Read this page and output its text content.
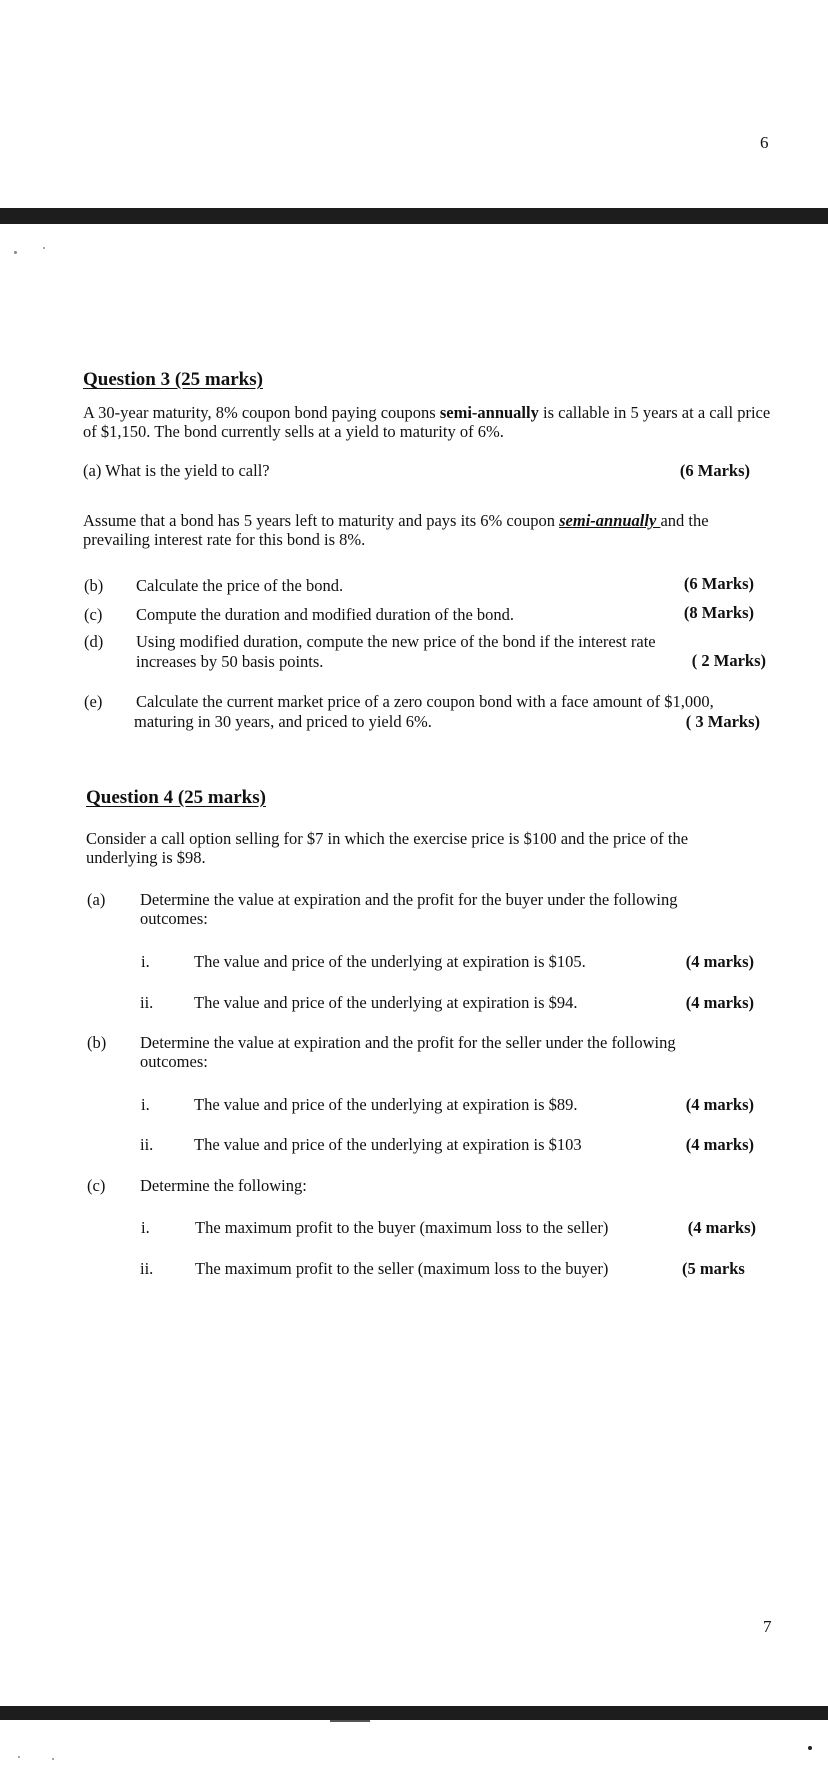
6
Question 3 (25 marks)
A 30-year maturity, 8% coupon bond paying coupons semi-annually is callable in 5 years at a call price of $1,150. The bond currently sells at a yield to maturity of 6%.
(a) What is the yield to call?	(6 Marks)
Assume that a bond has 5 years left to maturity and pays its 6% coupon semi-annually and the prevailing interest rate for this bond is 8%.
(b) Calculate the price of the bond.	(6 Marks)
(c) Compute the duration and modified duration of the bond.	(8 Marks)
(d) Using modified duration, compute the new price of the bond if the interest rate
increases by 50 basis points.	( 2 Marks)
(e) Calculate the current market price of a zero coupon bond with a face amount of $1,000,
maturing in 30 years, and priced to yield 6%.	( 3 Marks)
Question 4 (25 marks)
Consider a call option selling for $7 in which the exercise price is $100 and the price of the underlying is $98.
(a) Determine the value at expiration and the profit for the buyer under the following outcomes:
i.	The value and price of the underlying at expiration is $105.	(4 marks)
ii. The value and price of the underlying at expiration is $94.	(4 marks)
(b) Determine the value at expiration and the profit for the seller under the following outcomes:
i.	The value and price of the underlying at expiration is $89.	(4 marks)
ii. The value and price of the underlying at expiration is $103	(4 marks)
(c) Determine the following:
i.	The maximum profit to the buyer (maximum loss to the seller)	(4 marks)
ii.	The maximum profit to the seller (maximum loss to the buyer)	(5 marks
7
